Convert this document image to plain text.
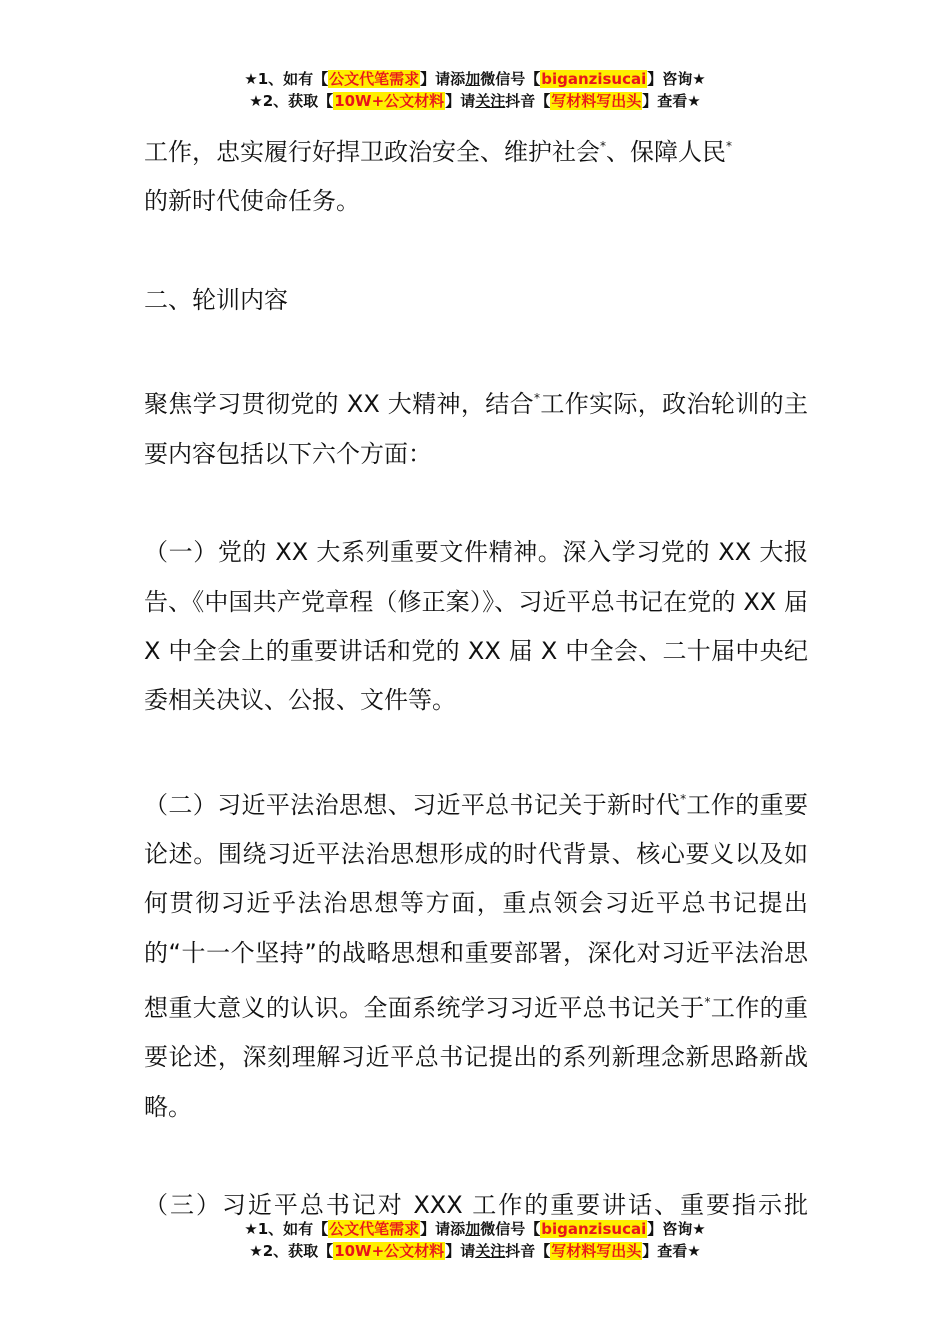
★1、如有【公文代笔需求】请添加微信号【biganzisucai】咨询★
★2、获取【10W+公文材料】请关注抖音【写材料写出头】查看★

工作，忠实履行好捍卫政治安全、维护社会*、保障人民*
的新时代使命任务。

二、轮训内容

聚焦学习贯彻党的 XX 大精神，结合*工作实际，政治轮训的主要内容包括以下六个方面：

（一）党的 XX 大系列重要文件精神。深入学习党的 XX 大报告、《中国共产党章程（修正案）》、习近平总书记在党的 XX 届 X 中全会上的重要讲话和党的 XX 届 X 中全会、二十届中央纪委相关决议、公报、文件等。

（二）习近平法治思想、习近平总书记关于新时代*工作的重要论述。围绕习近平法治思想形成的时代背景、核心要义以及如何贯彻习近乎法治思想等方面，重点领会习近平总书记提出的“十一个坚持”的战略思想和重要部署，深化对习近平法治思想重大意义的认识。全面系统学习习近平总书记关于*工作的重要论述，深刻理解习近平总书记提出的系列新理念新思路新战略。

（三）习近平总书记对 XXX 工作的重要讲话、重要指示批

★1、如有【公文代笔需求】请添加微信号【biganzisucai】咨询★
★2、获取【10W+公文材料】请关注抖音【写材料写出头】查看★
